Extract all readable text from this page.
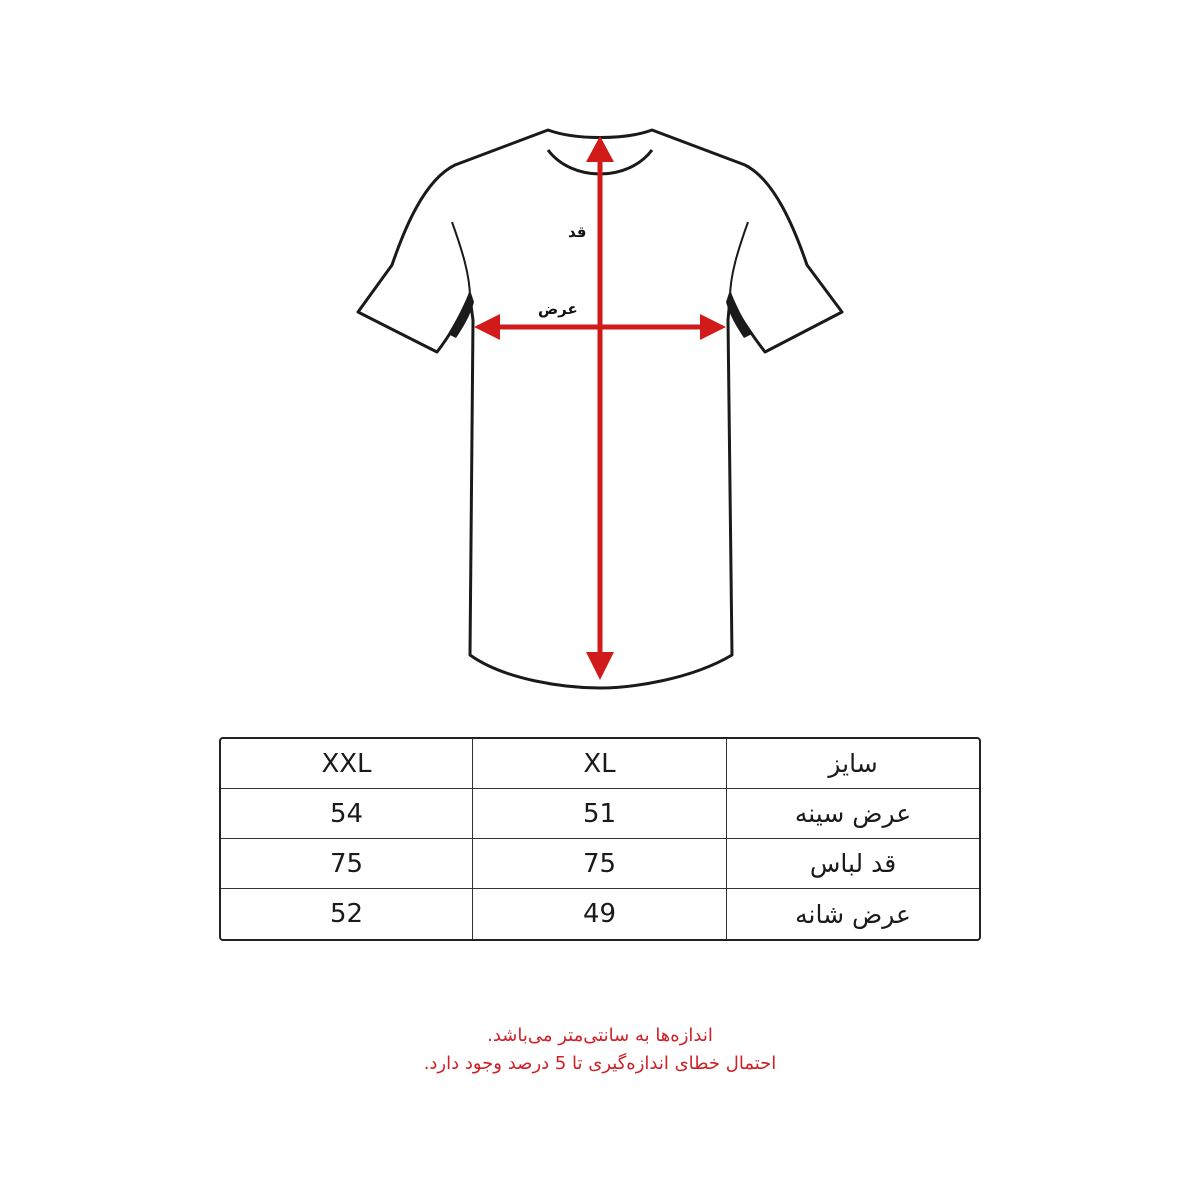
قد
عرض
XXL	XL	سایز
54	51	عرض سینه
75	75	قد لباس
52	49	عرض شانه
اندازه‌ها به سانتی‌متر می‌باشد.
احتمال خطای اندازه‌گیری تا 5 درصد وجود دارد.
